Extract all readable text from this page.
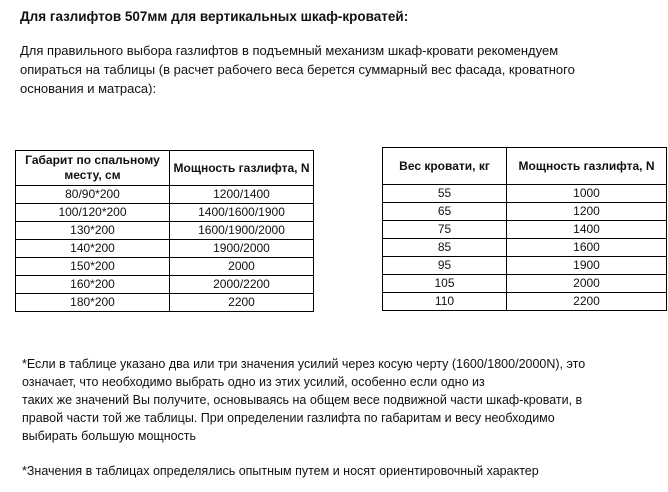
Для газлифтов 507мм для вертикальных шкаф-кроватей:
Для правильного выбора газлифтов в подъемный механизм шкаф-кровати рекомендуем
опираться на таблицы (в расчет рабочего веса берется суммарный вес фасада, кроватного
основания и матраса):
Габарит по спальному месту, см	Мощность газлифта, N
80/90*200	1200/1400
100/120*200	1400/1600/1900
130*200	1600/1900/2000
140*200	1900/2000
150*200	2000
160*200	2000/2200
180*200	2200
Вес кровати, кг	Мощность газлифта, N
55	1000
65	1200
75	1400
85	1600
95	1900
105	2000
110	2200
*Если в таблице указано два или три значения усилий через косую черту (1600/1800/2000N), это
означает, что необходимо выбрать одно из этих усилий, особенно если одно из
таких же значений Вы получите, основываясь на общем весе подвижной части шкаф-кровати, в
правой части той же таблицы. При определении газлифта по габаритам и весу необходимо
выбирать большую мощность
*Значения в таблицах определялись опытным путем и носят ориентировочный характер
